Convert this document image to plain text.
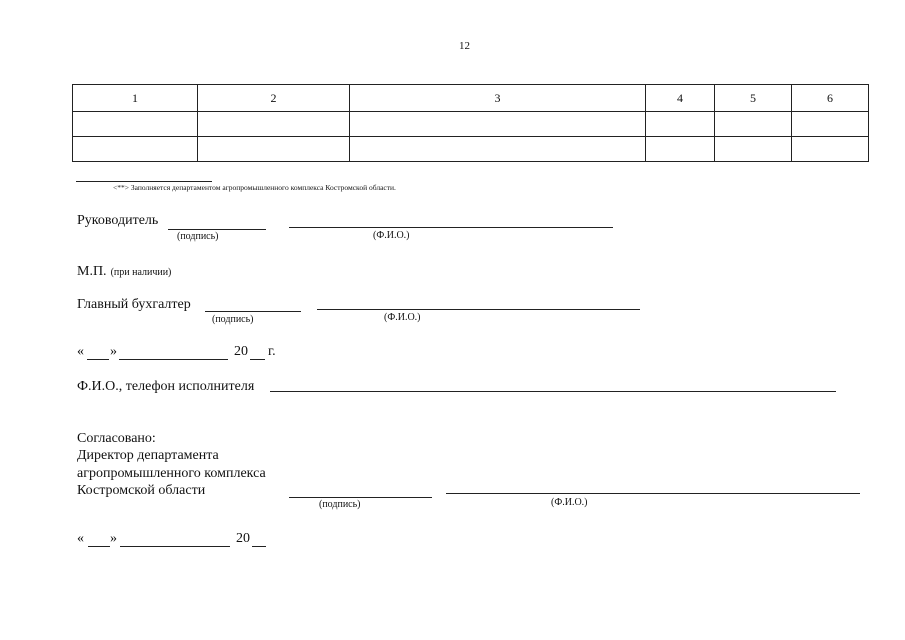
12
1	2	3	4	5	6

<**> Заполняется департаментом агропромышленного комплекса Костромской области.
Руководитель
(подпись)	(Ф.И.О.)
М.П. (при наличии)
Главный бухгалтер
(подпись)	(Ф.И.О.)
« »	20 г.
Ф.И.О., телефон исполнителя
Согласовано:
Директор департамента
агропромышленного комплекса
Костромской области
(подпись)	(Ф.И.О.)
« »	20
